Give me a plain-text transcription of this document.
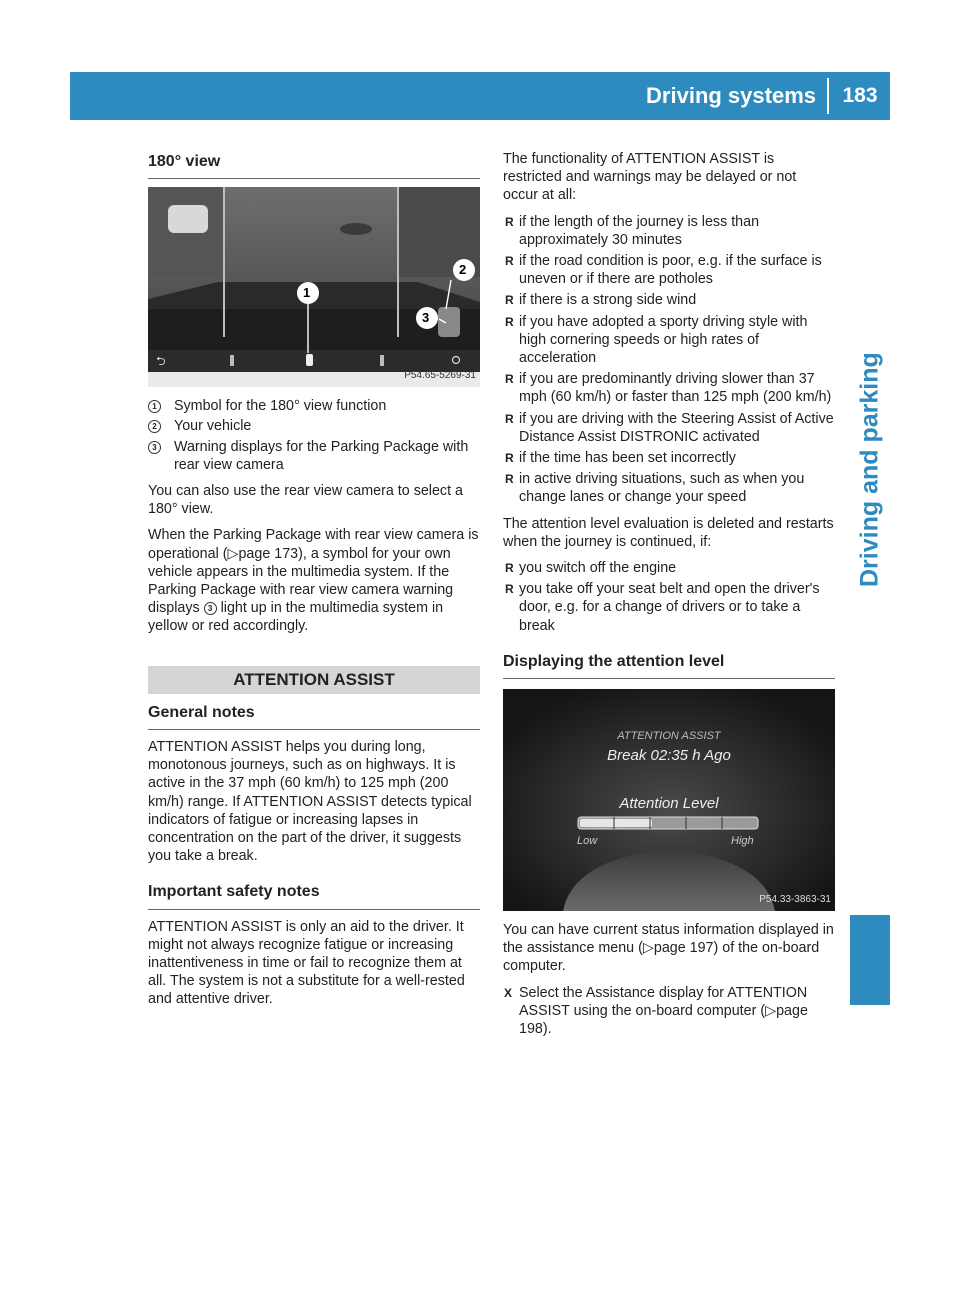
Driving systems	183
Driving and parking
180° view
⮌
1
2
3
P54.65-5269-31
1	Symbol for the 180° view function
2	Your vehicle
3	Warning displays for the Parking Package with rear view camera

You can also use the rear view camera to select a 180° view.

When the Parking Package with rear view camera is operational (▷page 173), a symbol for your own vehicle appears in the multimedia system. If the Parking Package with rear view camera warning displays 3 light up in the multimedia system in yellow or red accordingly.

ATTENTION ASSIST
General notes

ATTENTION ASSIST helps you during long, monotonous journeys, such as on highways. It is active in the 37 mph (60 km/h) to 125 mph (200 km/h) range. If ATTENTION ASSIST detects typical indicators of fatigue or increasing lapses in concentration on the part of the driver, it suggests you take a break.

Important safety notes

ATTENTION ASSIST is only an aid to the driver. It might not always recognize fatigue or increasing inattentiveness in time or fail to recognize them at all. The system is not a substitute for a well-rested and attentive driver.

The functionality of ATTENTION ASSIST is restricted and warnings may be delayed or not occur at all:

R if the length of the journey is less than approximately 30 minutes
R if the road condition is poor, e.g. if the surface is uneven or if there are potholes
R if there is a strong side wind
R if you have adopted a sporty driving style with high cornering speeds or high rates of acceleration
R if you are predominantly driving slower than 37 mph (60 km/h) or faster than 125 mph (200 km/h)
R if you are driving with the Steering Assist of Active Distance Assist DISTRONIC activated
R if the time has been set incorrectly
R in active driving situations, such as when you change lanes or change your speed

The attention level evaluation is deleted and restarts when the journey is continued, if:

R you switch off the engine
R you take off your seat belt and open the driver's door, e.g. for a change of drivers or to take a break
Displaying the attention level
ATTENTION ASSIST
Break 02:35 h Ago
Attention Level
Low	High
P54.33-3863-31

You can have current status information displayed in the assistance menu (▷page 197) of the on-board computer.

X Select the Assistance display for ATTENTION ASSIST using the on-board computer (▷page 198).
